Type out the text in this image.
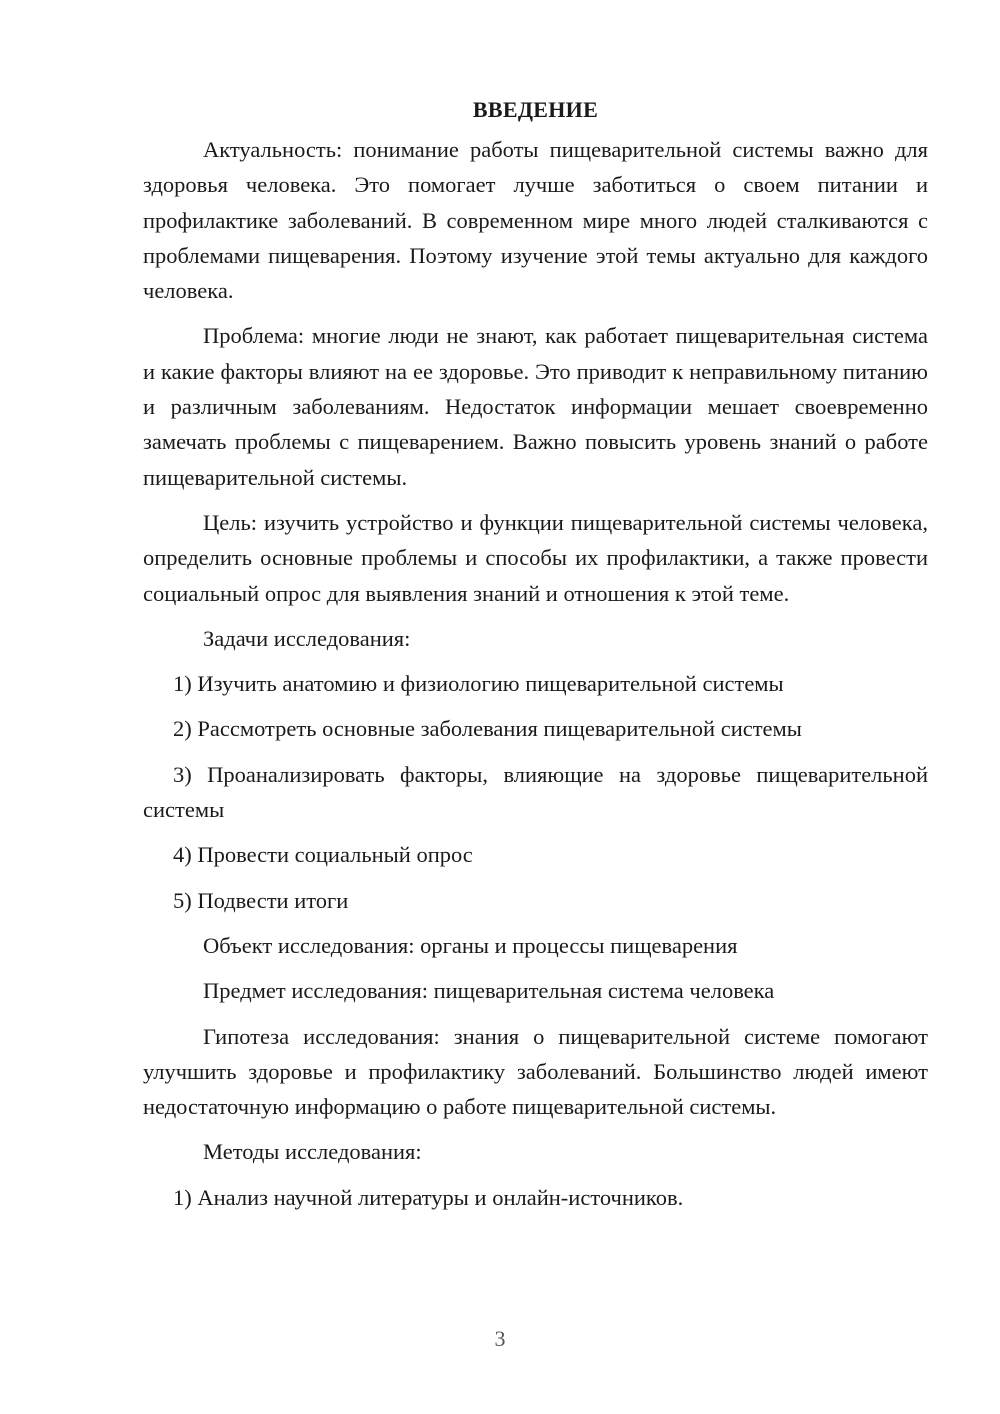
ВВЕДЕНИЕ

Актуальность: понимание работы пищеварительной системы важно для здоровья человека. Это помогает лучше заботиться о своем питании и профилактике заболеваний. В современном мире много людей сталкиваются с проблемами пищеварения. Поэтому изучение этой темы актуально для каждого человека.

Проблема: многие люди не знают, как работает пищеварительная система и какие факторы влияют на ее здоровье. Это приводит к неправильному питанию и различным заболеваниям. Недостаток информации мешает своевременно замечать проблемы с пищеварением. Важно повысить уровень знаний о работе пищеварительной системы.

Цель: изучить устройство и функции пищеварительной системы человека, определить основные проблемы и способы их профилактики, а также провести социальный опрос для выявления знаний и отношения к этой теме.

Задачи исследования:

1) Изучить анатомию и физиологию пищеварительной системы

2) Рассмотреть основные заболевания пищеварительной системы

3) Проанализировать факторы, влияющие на здоровье пищеварительной системы

4) Провести социальный опрос

5) Подвести итоги

Объект исследования: органы и процессы пищеварения

Предмет исследования: пищеварительная система человека

Гипотеза исследования: знания о пищеварительной системе помогают улучшить здоровье и профилактику заболеваний. Большинство людей имеют недостаточную информацию о работе пищеварительной системы.

Методы исследования:

1) Анализ научной литературы и онлайн-источников.

3
